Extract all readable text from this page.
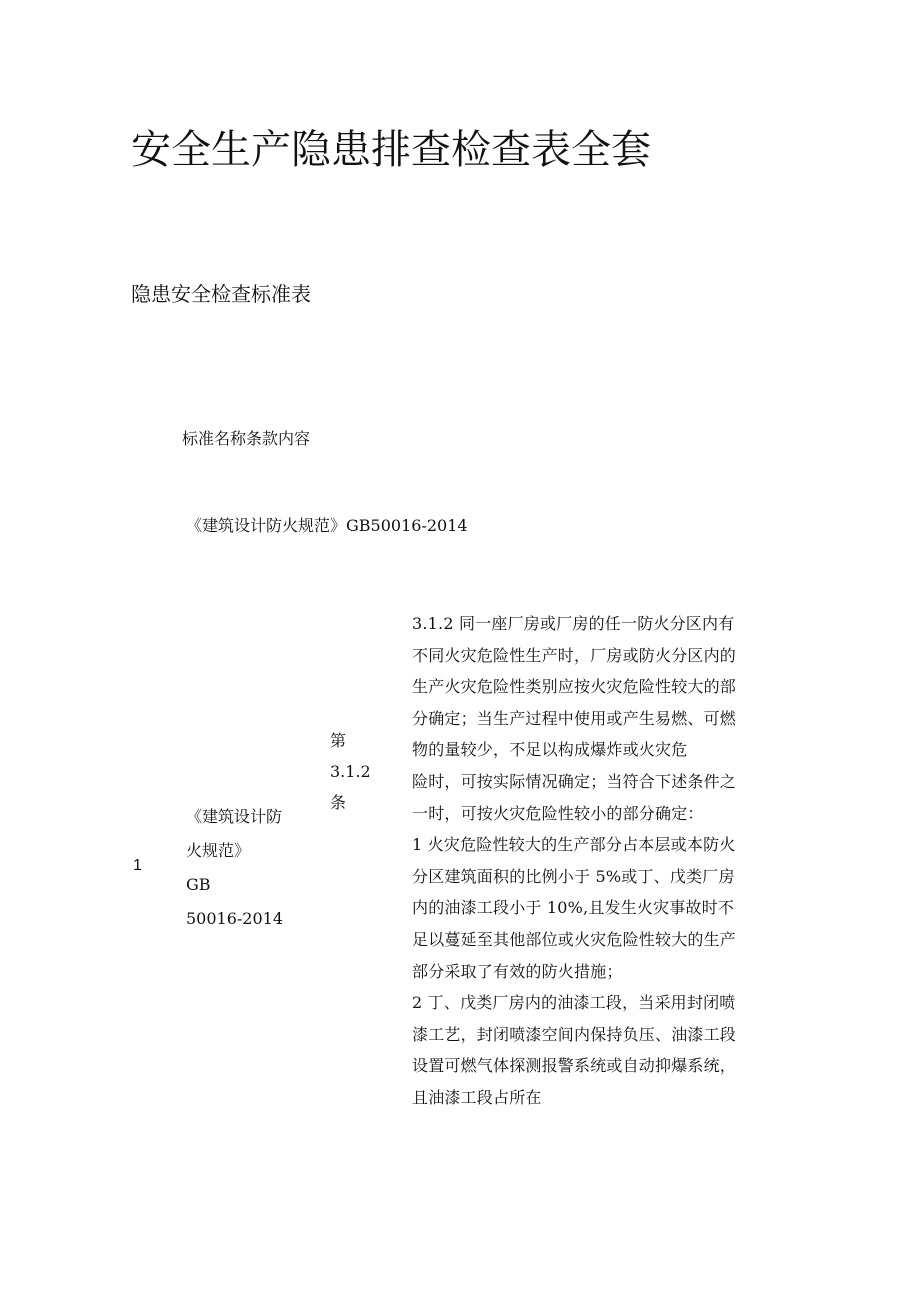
安全生产隐患排查检查表全套
隐患安全检查标准表
标准名称条款内容
《建筑设计防火规范》GB50016-2014
1
《建筑设计防
火规范》
GB
50016-2014
第
3.1.2
条
3.1.2 同一座厂房或厂房的任一防火分区内有
不同火灾危险性生产时，厂房或防火分区内的
生产火灾危险性类别应按火灾危险性较大的部
分确定；当生产过程中使用或产生易燃、可燃
物的量较少，不足以构成爆炸或火灾危
险时，可按实际情况确定；当符合下述条件之
一时，可按火灾危险性较小的部分确定：
1 火灾危险性较大的生产部分占本层或本防火
分区建筑面积的比例小于 5%或丁、戊类厂房
内的油漆工段小于 10%,且发生火灾事故时不
足以蔓延至其他部位或火灾危险性较大的生产
部分采取了有效的防火措施；
2 丁、戊类厂房内的油漆工段，当采用封闭喷
漆工艺，封闭喷漆空间内保持负压、油漆工段
设置可燃气体探测报警系统或自动抑爆系统，
且油漆工段占所在
